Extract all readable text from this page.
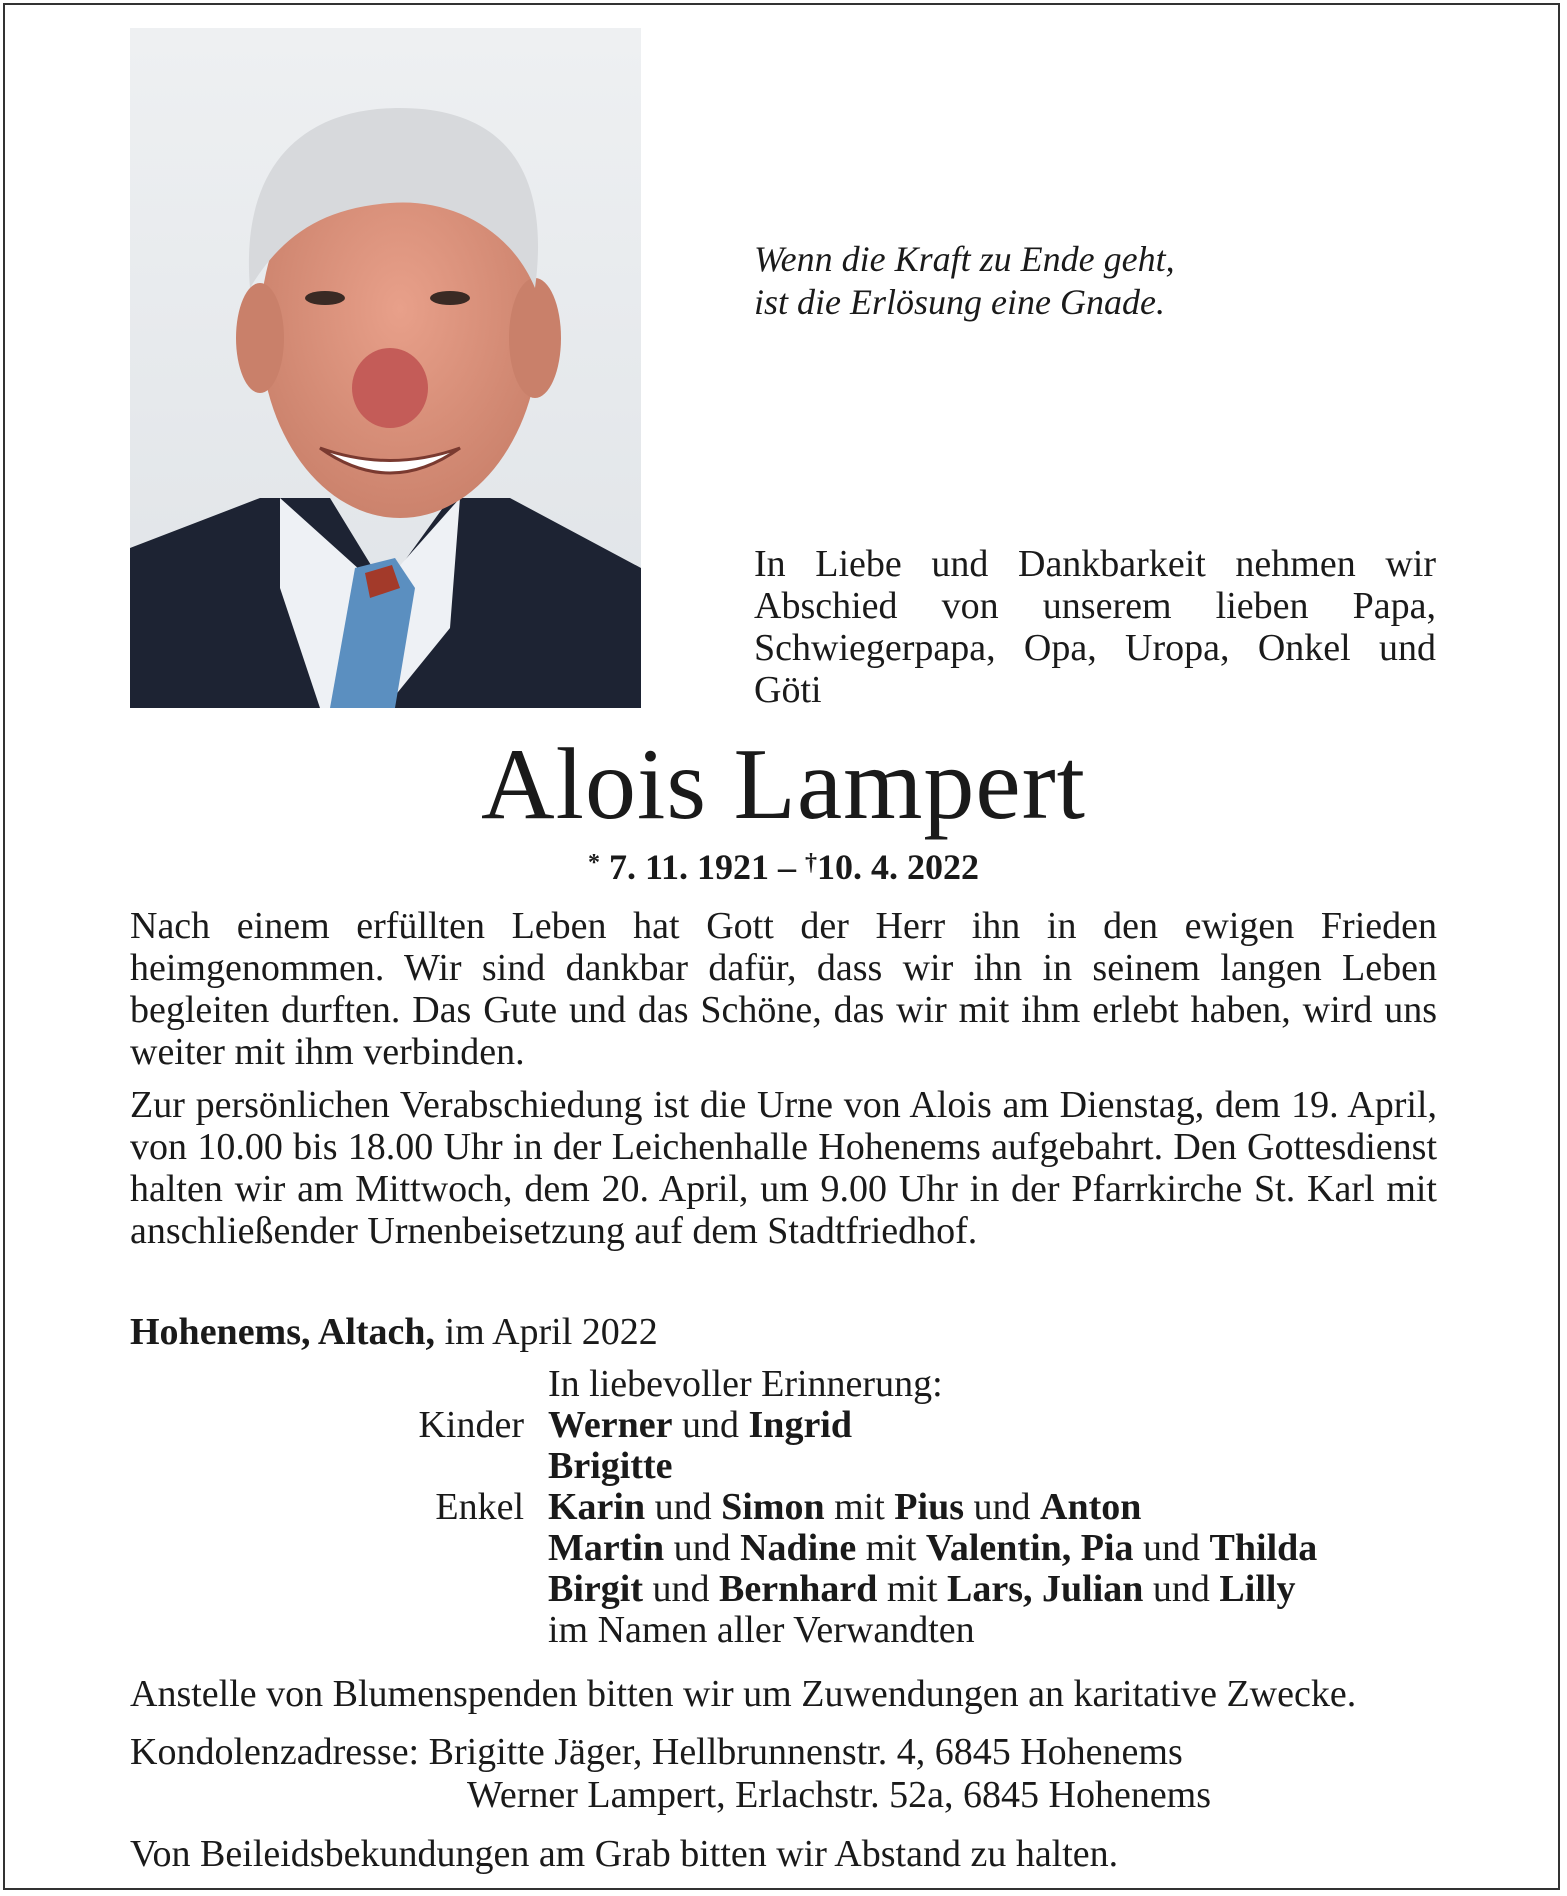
Wenn die Kraft zu Ende geht,
ist die Erlösung eine Gnade.
In Liebe und Dankbarkeit nehmen wir Abschied von unserem lieben Papa, Schwiegerpapa, Opa, Uropa, Onkel und Göti
Alois Lampert
* 7. 11. 1921 – †10. 4. 2022
Nach einem erfüllten Leben hat Gott der Herr ihn in den ewigen Frieden heimgenommen. Wir sind dankbar dafür, dass wir ihn in seinem langen Leben begleiten durften. Das Gute und das Schöne, das wir mit ihm erlebt haben, wird uns weiter mit ihm verbinden.
Zur persönlichen Verabschiedung ist die Urne von Alois am Dienstag, dem 19. April, von 10.00 bis 18.00 Uhr in der Leichenhalle Hohenems aufgebahrt. Den Gottesdienst halten wir am Mittwoch, dem 20. April, um 9.00 Uhr in der Pfarrkirche St. Karl mit anschließender Urnenbeisetzung auf dem Stadtfriedhof.
Hohenems, Altach, im April 2022
In liebevoller Erinnerung:
Kinder Werner und Ingrid
Brigitte
Enkel Karin und Simon mit Pius und Anton
Martin und Nadine mit Valentin, Pia und Thilda
Birgit und Bernhard mit Lars, Julian und Lilly
im Namen aller Verwandten
Anstelle von Blumenspenden bitten wir um Zuwendungen an karitative Zwecke.
Kondolenzadresse: Brigitte Jäger, Hellbrunnenstr. 4, 6845 Hohenems
Werner Lampert, Erlachstr. 52a, 6845 Hohenems
Von Beileidsbekundungen am Grab bitten wir Abstand zu halten.
